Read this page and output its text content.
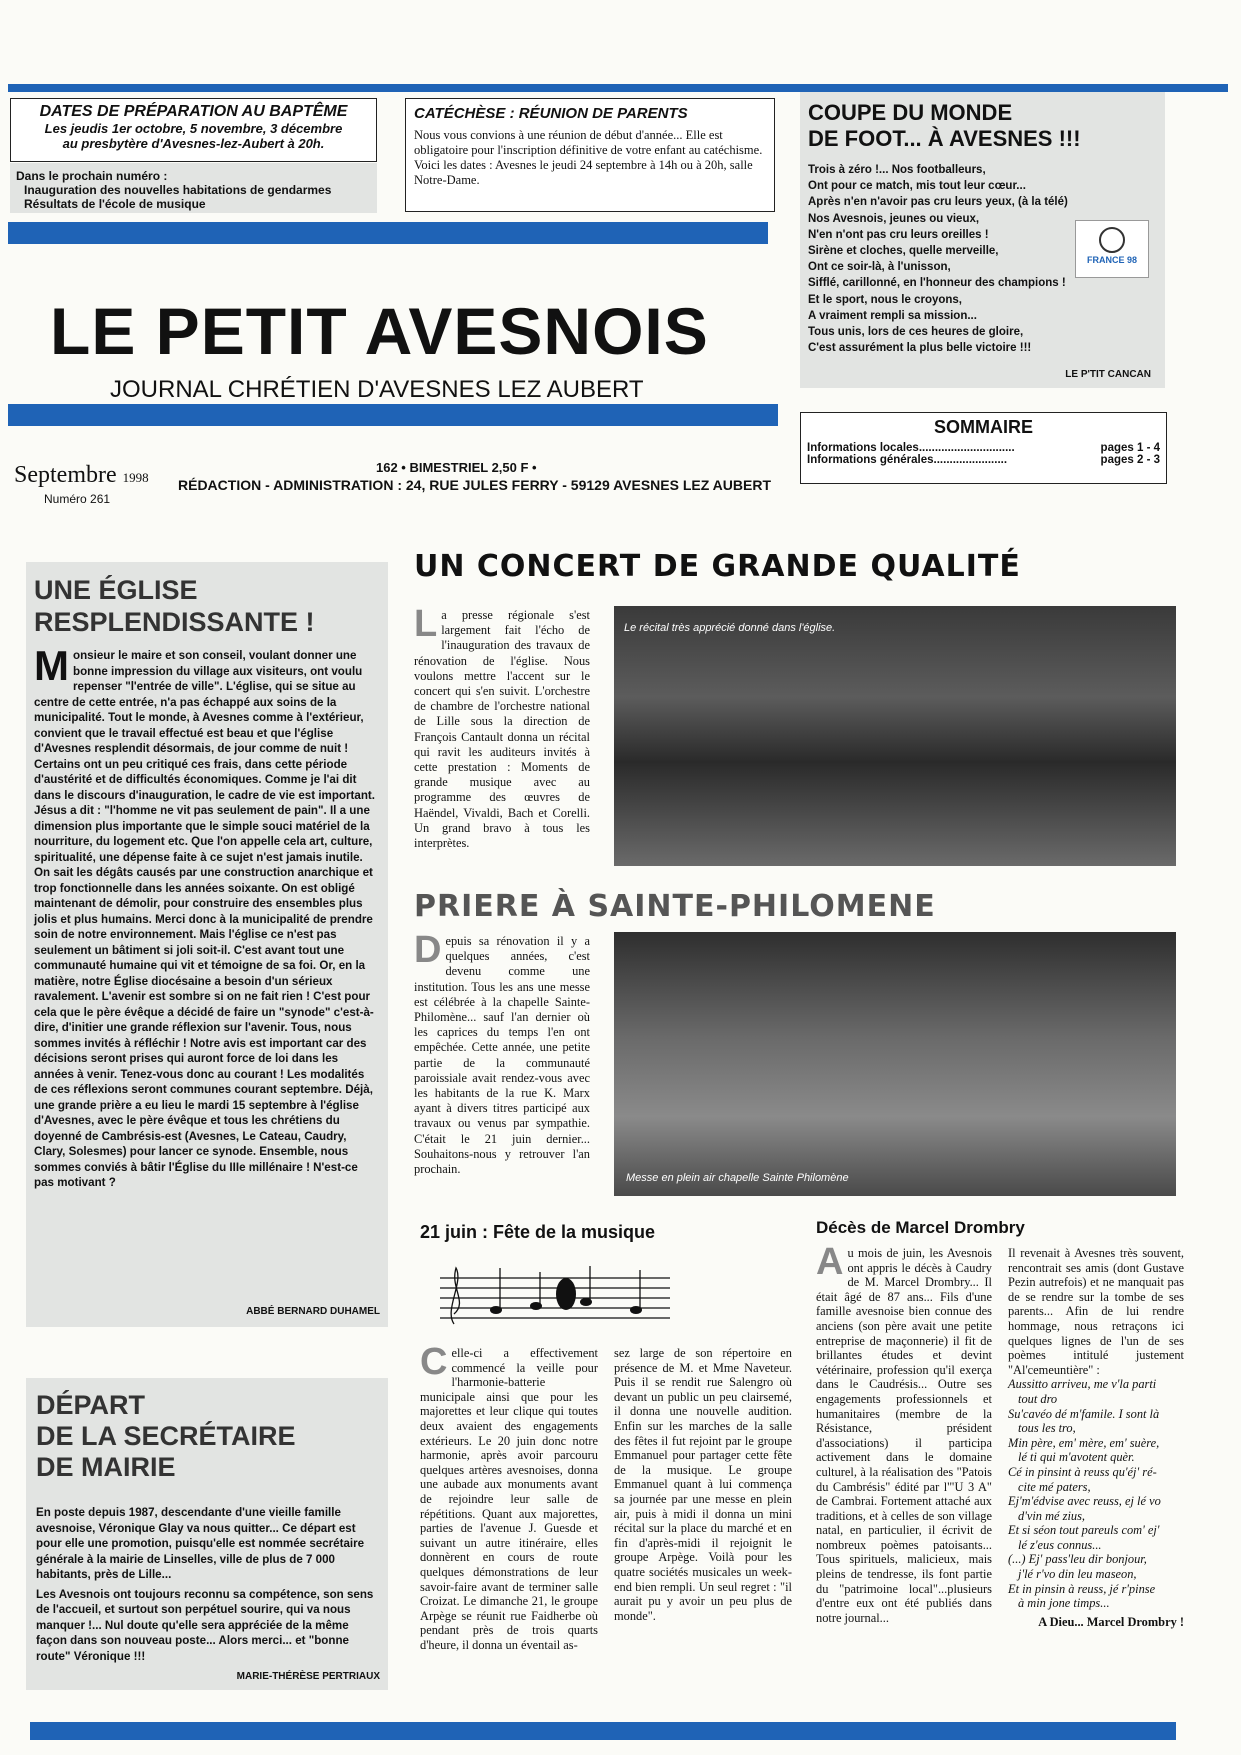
DATES DE PRÉPARATION AU BAPTÊME
Les jeudis 1er octobre, 5 novembre, 3 décembre
au presbytère d'Avesnes-lez-Aubert à 20h.
Dans le prochain numéro :
Inauguration des nouvelles habitations de gendarmes
Résultats de l'école de musique
CATÉCHÈSE : RÉUNION DE PARENTS
Nous vous convions à une réunion de début d'année... Elle est obligatoire pour l'inscription définitive de votre enfant au catéchisme. Voici les dates : Avesnes le jeudi 24 septembre à 14h ou à 20h, salle Notre-Dame.
COUPE DU MONDE
DE FOOT... À AVESNES !!!
Trois à zéro !... Nos footballeurs,
Ont pour ce match, mis tout leur cœur...
Après n'en n'avoir pas cru leurs yeux, (à la télé)
Nos Avesnois, jeunes ou vieux,
N'en n'ont pas cru leurs oreilles !
Sirène et cloches, quelle merveille,
Ont ce soir-là, à l'unisson,
Sifflé, carillonné, en l'honneur des champions !
Et le sport, nous le croyons,
A vraiment rempli sa mission...
Tous unis, lors de ces heures de gloire,
C'est assurément la plus belle victoire !!!
LE P'TIT CANCAN
FRANCE 98
LE PETIT AVESNOIS
JOURNAL CHRÉTIEN D'AVESNES LEZ AUBERT
SOMMAIRE
Informations locales ..............................	pages 1 - 4
Informations générales .......................	pages 2 - 3
Septembre 1998
Numéro 261
162 • BIMESTRIEL 2,50 F •
RÉDACTION - ADMINISTRATION : 24, RUE JULES FERRY - 59129 AVESNES LEZ AUBERT
UNE ÉGLISE
RESPLENDISSANTE !
Monsieur le maire et son conseil, voulant donner une bonne impression du village aux visiteurs, ont voulu repenser "l'entrée de ville". L'église, qui se situe au centre de cette entrée, n'a pas échappé aux soins de la municipalité. Tout le monde, à Avesnes comme à l'extérieur, convient que le travail effectué est beau et que l'église d'Avesnes resplendit désormais, de jour comme de nuit ! Certains ont un peu critiqué ces frais, dans cette période d'austérité et de difficultés économiques. Comme je l'ai dit dans le discours d'inauguration, le cadre de vie est important. Jésus a dit : "l'homme ne vit pas seulement de pain". Il a une dimension plus importante que le simple souci matériel de la nourriture, du logement etc. Que l'on appelle cela art, culture, spiritualité, une dépense faite à ce sujet n'est jamais inutile. On sait les dégâts causés par une construction anarchique et trop fonctionnelle dans les années soixante. On est obligé maintenant de démolir, pour construire des ensembles plus jolis et plus humains. Merci donc à la municipalité de prendre soin de notre environnement. Mais l'église ce n'est pas seulement un bâtiment si joli soit-il. C'est avant tout une communauté humaine qui vit et témoigne de sa foi. Or, en la matière, notre Église diocésaine a besoin d'un sérieux ravalement. L'avenir est sombre si on ne fait rien ! C'est pour cela que le père évêque a décidé de faire un "synode" c'est-à-dire, d'initier une grande réflexion sur l'avenir. Tous, nous sommes invités à réfléchir ! Notre avis est important car des décisions seront prises qui auront force de loi dans les années à venir. Tenez-vous donc au courant ! Les modalités de ces réflexions seront communes courant septembre. Déjà, une grande prière a eu lieu le mardi 15 septembre à l'église d'Avesnes, avec le père évêque et tous les chrétiens du doyenné de Cambrésis-est (Avesnes, Le Cateau, Caudry, Clary, Solesmes) pour lancer ce synode. Ensemble, nous sommes conviés à bâtir l'Église du IIIe millénaire ! N'est-ce pas motivant ?
ABBÉ BERNARD DUHAMEL
DÉPART
DE LA SECRÉTAIRE
DE MAIRIE
En poste depuis 1987, descendante d'une vieille famille avesnoise, Véronique Glay va nous quitter... Ce départ est pour elle une promotion, puisqu'elle est nommée secrétaire générale à la mairie de Linselles, ville de plus de 7 000 habitants, près de Lille...
Les Avesnois ont toujours reconnu sa compétence, son sens de l'accueil, et surtout son perpétuel sourire, qui va nous manquer !... Nul doute qu'elle sera appréciée de la même façon dans son nouveau poste... Alors merci... et "bonne route" Véronique !!!
MARIE-THÉRÈSE PERTRIAUX
UN CONCERT DE GRANDE QUALITÉ
La presse régionale s'est largement fait l'écho de l'inauguration des travaux de rénovation de l'église. Nous voulons mettre l'accent sur le concert qui s'en suivit. L'orchestre de chambre de l'orchestre national de Lille sous la direction de François Cantault donna un récital qui ravit les auditeurs invités à cette prestation : Moments de grande musique avec au programme des œuvres de Haëndel, Vivaldi, Bach et Corelli. Un grand bravo à tous les interprètes.
Le récital très apprécié donné dans l'église.
PRIERE À SAINTE-PHILOMENE
Depuis sa rénovation il y a quelques années, c'est devenu comme une institution. Tous les ans une messe est célébrée à la chapelle Sainte-Philomène... sauf l'an dernier où les caprices du temps l'en ont empêchée. Cette année, une petite partie de la communauté paroissiale avait rendez-vous avec les habitants de la rue K. Marx ayant à divers titres participé aux travaux ou venus par sympathie. C'était le 21 juin dernier... Souhaitons-nous y retrouver l'an prochain.
Messe en plein air chapelle Sainte Philomène
21 juin : Fête de la musique
Celle-ci a effectivement commencé la veille pour l'harmonie-batterie municipale ainsi que pour les majorettes et leur clique qui toutes deux avaient des engagements extérieurs. Le 20 juin donc notre harmonie, après avoir parcouru quelques artères avesnoises, donna une aubade aux monuments avant de rejoindre leur salle de répétitions. Quant aux majorettes, parties de l'avenue J. Guesde et suivant un autre itinéraire, elles donnèrent en cours de route quelques démonstrations de leur savoir-faire avant de terminer salle Croizat. Le dimanche 21, le groupe Arpège se réunit rue Faidherbe où pendant près de trois quarts d'heure, il donna un éventail as-
sez large de son répertoire en présence de M. et Mme Naveteur. Puis il se rendit rue Salengro où devant un public un peu clairsemé, il donna une nouvelle audition. Enfin sur les marches de la salle des fêtes il fut rejoint par le groupe Emmanuel pour partager cette fête de la musique. Le groupe Emmanuel quant à lui commença sa journée par une messe en plein air, puis à midi il donna un mini récital sur la place du marché et en fin d'après-midi il rejoignit le groupe Arpège. Voilà pour les quatre sociétés musicales un week-end bien rempli. Un seul regret : "il aurait pu y avoir un peu plus de monde".
Décès de Marcel Drombry
Au mois de juin, les Avesnois ont appris le décès à Caudry de M. Marcel Drombry... Il était âgé de 87 ans... Fils d'une famille avesnoise bien connue des anciens (son père avait une petite entreprise de maçonnerie) il fit de brillantes études et devint vétérinaire, profession qu'il exerça dans le Caudrésis... Outre ses engagements professionnels et humanitaires (membre de la Résistance, président d'associations) il participa activement dans le domaine culturel, à la réalisation des "Patois du Cambrésis" édité par l'"U 3 A" de Cambrai. Fortement attaché aux traditions, et à celles de son village natal, en particulier, il écrivit de nombreux poèmes patoisants... Tous spirituels, malicieux, mais pleins de tendresse, ils font partie du "patrimoine local"...plusieurs d'entre eux ont été publiés dans notre journal...

Il revenait à Avesnes très souvent, rencontrait ses amis (dont Gustave Pezin autrefois) et ne manquait pas de se rendre sur la tombe de ses parents... Afin de lui rendre hommage, nous retraçons ici quelques lignes de l'un de ses poèmes intitulé justement "Al'cemeuntière" :

Aussitto arriveu, me v'la parti
tout dro
Su'cavéo dé m'famile. I sont là
tous les tro,
Min père, em' mère, em' suère,
lé ti qui m'avotent quèr.
Cé in pinsint à reuss qu'éj' ré-
cite mé paters,
Ej'm'édvise avec reuss, ej lé vo
d'vin mé zius,
Et si séon tout pareuls com' ej'
lé z'eus connus...
(...) Ej' pass'leu dir bonjour,
j'lé r'vo din leu maseon,
Et in pinsin à reuss, jé r'pinse
à min jone timps...
A Dieu... Marcel Drombry !
